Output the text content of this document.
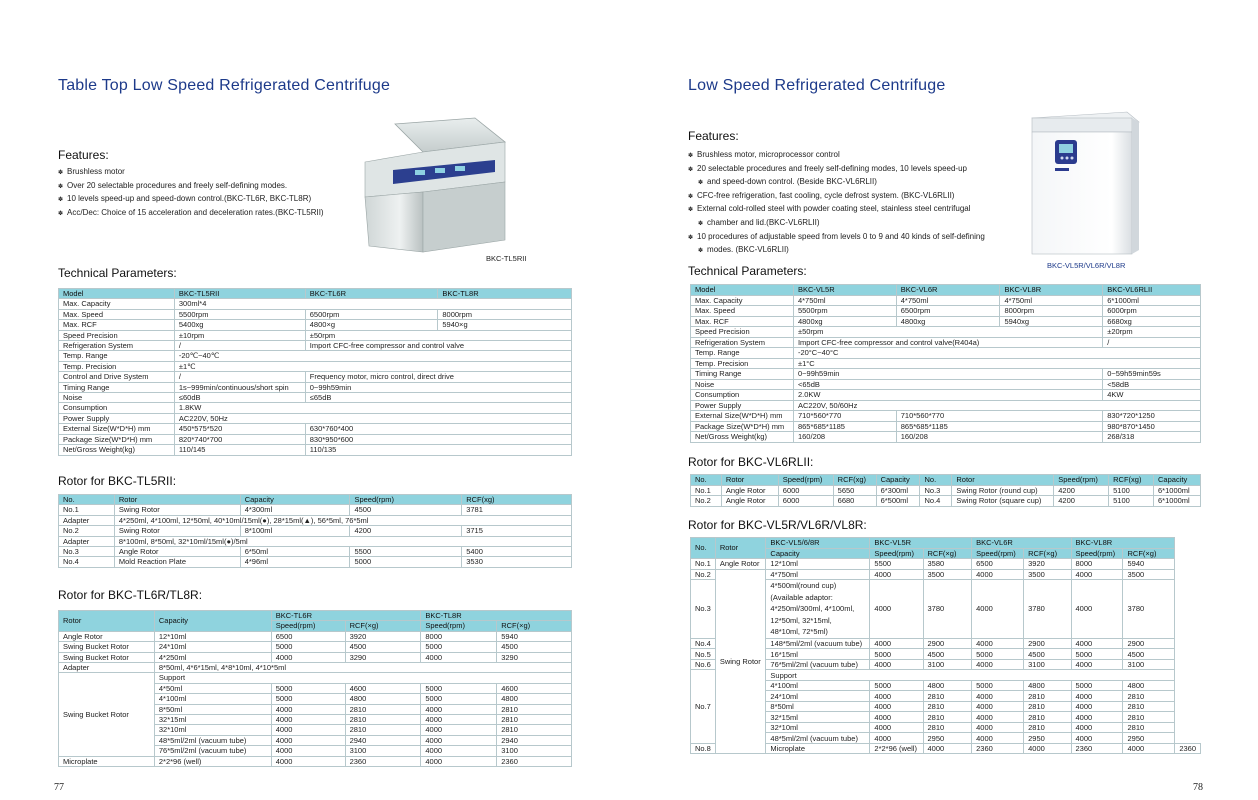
Table Top Low Speed Refrigerated Centrifuge
Features:
✽ Brushless motor
✽ Over 20 selectable procedures and freely self-defining modes.
✽ 10 levels speed-up and speed-down control.(BKC-TL6R, BKC-TL8R)
✽ Acc/Dec: Choice of 15 acceleration and deceleration rates.(BKC-TL5RII)
BKC-TL5RII
Technical Parameters:
Model	BKC-TL5RII	BKC-TL6R	BKC-TL8R
Max. Capacity	300ml*4		
Max. Speed	5500rpm	6500rpm	8000rpm
Max. RCF	5400xg	4800×g	5940×g
Speed Precision	±10rpm	±50rpm	
Refrigeration System	/	Import CFC-free compressor and control valve	
Temp. Range	-20℃~40℃		
Temp. Precision	±1℃		
Control and Drive System	/	Frequency motor, micro control, direct drive	
Timing Range	1s~999min/continuous/short spin	0~99h59min	
Noise	≤60dB	≤65dB	
Consumption	1.8KW		
Power Supply	AC220V, 50Hz		
External Size(W*D*H) mm	450*575*520	630*760*400	
Package Size(W*D*H) mm	820*740*700	830*950*600	
Net/Gross Weight(kg)	110/145	110/135	
Rotor for BKC-TL5RII:
No.	Rotor	Capacity	Speed(rpm)	RCF(xg)
No.1	Swing Rotor	4*300ml	4500	3781
Adapter	4*250ml, 4*100ml, 12*50ml, 40*10ml/15ml(●), 28*15ml(▲), 56*5ml, 76*5ml			
No.2	Swing Rotor	8*100ml	4200	3715
Adapter	8*100ml, 8*50ml, 32*10ml/15ml(●)/5ml			
No.3	Angle Rotor	6*50ml	5500	5400
No.4	Mold Reaction Plate	4*96ml	5000	3530
Rotor for BKC-TL6R/TL8R:
Rotor	Capacity	BKC-TL6R		BKC-TL8R	
		Speed(rpm)	RCF(×g)	Speed(rpm)	RCF(×g)
Angle Rotor	12*10ml	6500	3920	8000	5940
Swing Bucket Rotor	24*10ml	5000	4500	5000	4500
Swing Bucket Rotor	4*250ml	4000	3290	4000	3290
Adapter	8*50ml, 4*6*15ml, 4*8*10ml, 4*10*5ml				
Swing Bucket Rotor	Support				
	4*50ml	5000	4600	5000	4600
	4*100ml	5000	4800	5000	4800
	8*50ml	4000	2810	4000	2810
	32*15ml	4000	2810	4000	2810
	32*10ml	4000	2810	4000	2810
	48*5ml/2ml (vacuum tube)	4000	2940	4000	2940
	76*5ml/2ml (vacuum tube)	4000	3100	4000	3100
Microplate	2*2*96 (well)	4000	2360	4000	2360
77
Low Speed Refrigerated Centrifuge
Features:
✽ Brushless motor, microprocessor control
✽ 20 selectable procedures and freely self-defining modes, 10 levels speed-up
✽ and speed-down control. (Beside BKC-VL6RLII)
✽ CFC-free refrigeration, fast cooling, cycle defrost system. (BKC-VL6RLII)
✽ External cold-rolled steel with powder coating steel, stainless steel centrifugal
✽ chamber and lid.(BKC-VL6RLII)
✽ 10 procedures of adjustable speed from levels 0 to 9 and 40 kinds of self-defining
✽ modes. (BKC-VL6RLII)
BKC-VL5R/VL6R/VL8R
Technical Parameters:
Model	BKC-VL5R	BKC-VL6R	BKC-VL8R	BKC-VL6RLII
Max. Capacity	4*750ml	4*750ml	4*750ml	6*1000ml
Max. Speed	5500rpm	6500rpm	8000rpm	6000rpm
Max. RCF	4800xg	4800xg	5940xg	6680xg
Speed Precision	±50rpm			±20rpm
Refrigeration System	Import CFC-free compressor and control valve(R404a)			/
Temp. Range	-20°C~40°C			
Temp. Precision	±1°C			
Timing Range	0~99h59min			0~59h59min59s
Noise	<65dB			<58dB
Consumption	2.0KW			4KW
Power Supply	AC220V, 50/60Hz			
External Size(W*D*H) mm	710*560*770	710*560*770		830*720*1250
Package Size(W*D*H) mm	865*685*1185	865*685*1185		980*870*1450
Net/Gross Weight(kg)	160/208	160/208		268/318
Rotor for BKC-VL6RLII:
No.	Rotor	Speed(rpm)	RCF(xg)	Capacity	No.	Rotor	Speed(rpm)	RCF(xg)	Capacity
No.1	Angle Rotor	6000	5650	6*300ml	No.3	Swing Rotor (round cup)	4200	5100	6*1000ml
No.2	Angle Rotor	6000	6680	6*500ml	No.4	Swing Rotor (square cup)	4200	5100	6*1000ml
Rotor for BKC-VL5R/VL6R/VL8R:
No.	Rotor	BKC-VL5/6/8R	BKC-VL5R		BKC-VL6R		BKC-VL8R		
		Capacity	Speed(rpm)	RCF(×g)	Speed(rpm)	RCF(×g)	Speed(rpm)	RCF(×g)	
No.1	Angle Rotor	12*10ml	5500	3580	6500	3920	8000	5940	
No.2	Swing Rotor	4*750ml	4000	3500	4000	3500	4000	3500	
No.3		4*500ml(round cup)
(Available adaptor:
4*250ml/300ml, 4*100ml,
12*50ml, 32*15ml,
48*10ml, 72*5ml)	4000	3780	4000	3780	4000	3780	
No.4		148*5ml/2ml (vacuum tube)	4000	2900	4000	2900	4000	2900	
No.5		16*15ml	5000	4500	5000	4500	5000	4500	
No.6		76*5ml/2ml (vacuum tube)	4000	3100	4000	3100	4000	3100	
No.7		Support							
		4*100ml	5000	4800	5000	4800	5000	4800	
		24*10ml	4000	2810	4000	2810	4000	2810	
		8*50ml	4000	2810	4000	2810	4000	2810	
		32*15ml	4000	2810	4000	2810	4000	2810	
		32*10ml	4000	2810	4000	2810	4000	2810	
		48*5ml/2ml (vacuum tube)	4000	2950	4000	2950	4000	2950	
No.8		Microplate	2*2*96 (well)	4000	2360	4000	2360	4000	2360
78
